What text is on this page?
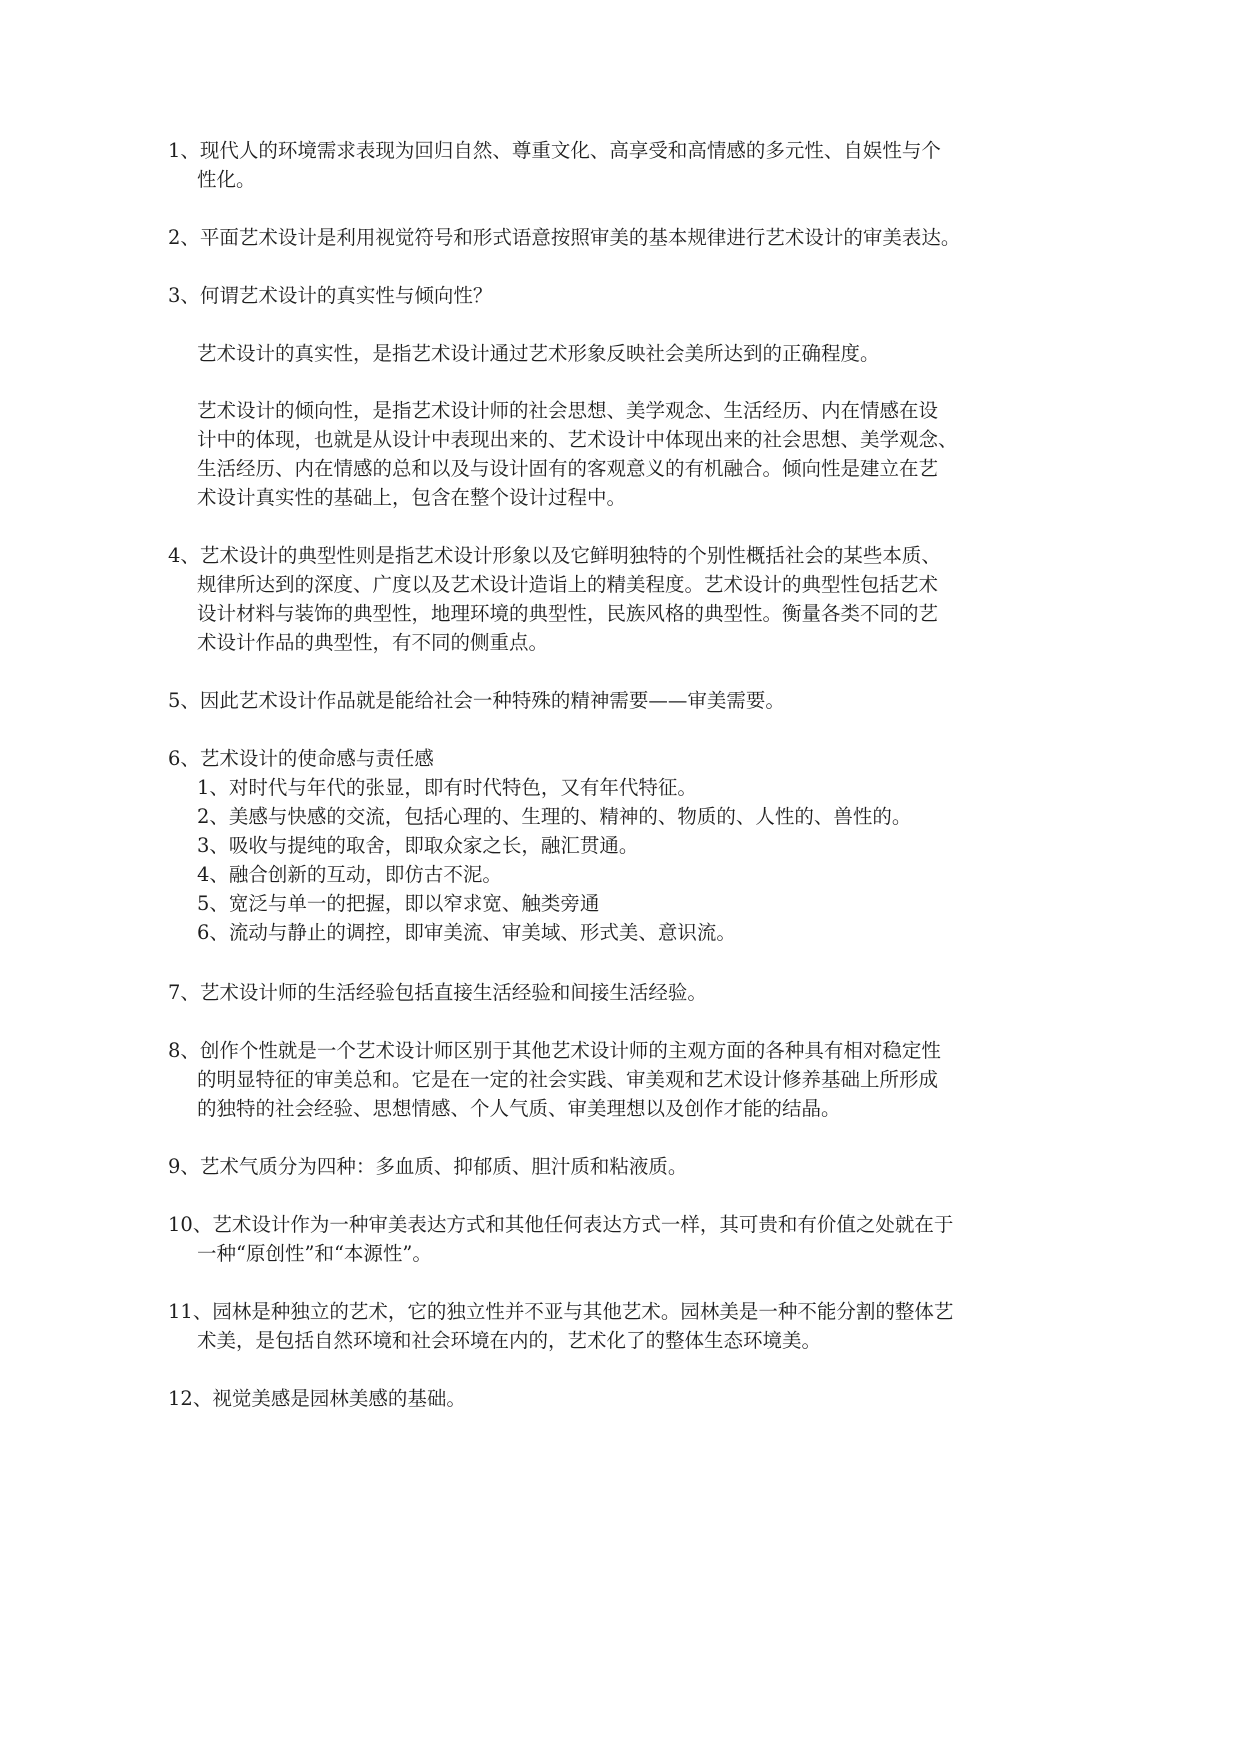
1、现代人的环境需求表现为回归自然、尊重文化、高享受和高情感的多元性、自娱性与个
性化。
2、平面艺术设计是利用视觉符号和形式语意按照审美的基本规律进行艺术设计的审美表达。
3、何谓艺术设计的真实性与倾向性？
艺术设计的真实性，是指艺术设计通过艺术形象反映社会美所达到的正确程度。
艺术设计的倾向性，是指艺术设计师的社会思想、美学观念、生活经历、内在情感在设
计中的体现，也就是从设计中表现出来的、艺术设计中体现出来的社会思想、美学观念、
生活经历、内在情感的总和以及与设计固有的客观意义的有机融合。倾向性是建立在艺
术设计真实性的基础上，包含在整个设计过程中。
4、艺术设计的典型性则是指艺术设计形象以及它鲜明独特的个别性概括社会的某些本质、
规律所达到的深度、广度以及艺术设计造诣上的精美程度。艺术设计的典型性包括艺术
设计材料与装饰的典型性，地理环境的典型性，民族风格的典型性。衡量各类不同的艺
术设计作品的典型性，有不同的侧重点。
5、因此艺术设计作品就是能给社会一种特殊的精神需要——审美需要。
6、艺术设计的使命感与责任感
1、对时代与年代的张显，即有时代特色，又有年代特征。
2、美感与快感的交流，包括心理的、生理的、精神的、物质的、人性的、兽性的。
3、吸收与提纯的取舍，即取众家之长，融汇贯通。
4、融合创新的互动，即仿古不泥。
5、宽泛与单一的把握，即以窄求宽、触类旁通
6、流动与静止的调控，即审美流、审美域、形式美、意识流。
7、艺术设计师的生活经验包括直接生活经验和间接生活经验。
8、创作个性就是一个艺术设计师区别于其他艺术设计师的主观方面的各种具有相对稳定性
的明显特征的审美总和。它是在一定的社会实践、审美观和艺术设计修养基础上所形成
的独特的社会经验、思想情感、个人气质、审美理想以及创作才能的结晶。
9、艺术气质分为四种：多血质、抑郁质、胆汁质和粘液质。
10、艺术设计作为一种审美表达方式和其他任何表达方式一样，其可贵和有价值之处就在于
一种“原创性”和“本源性”。
11、园林是种独立的艺术，它的独立性并不亚与其他艺术。园林美是一种不能分割的整体艺
术美，是包括自然环境和社会环境在内的，艺术化了的整体生态环境美。
12、视觉美感是园林美感的基础。
